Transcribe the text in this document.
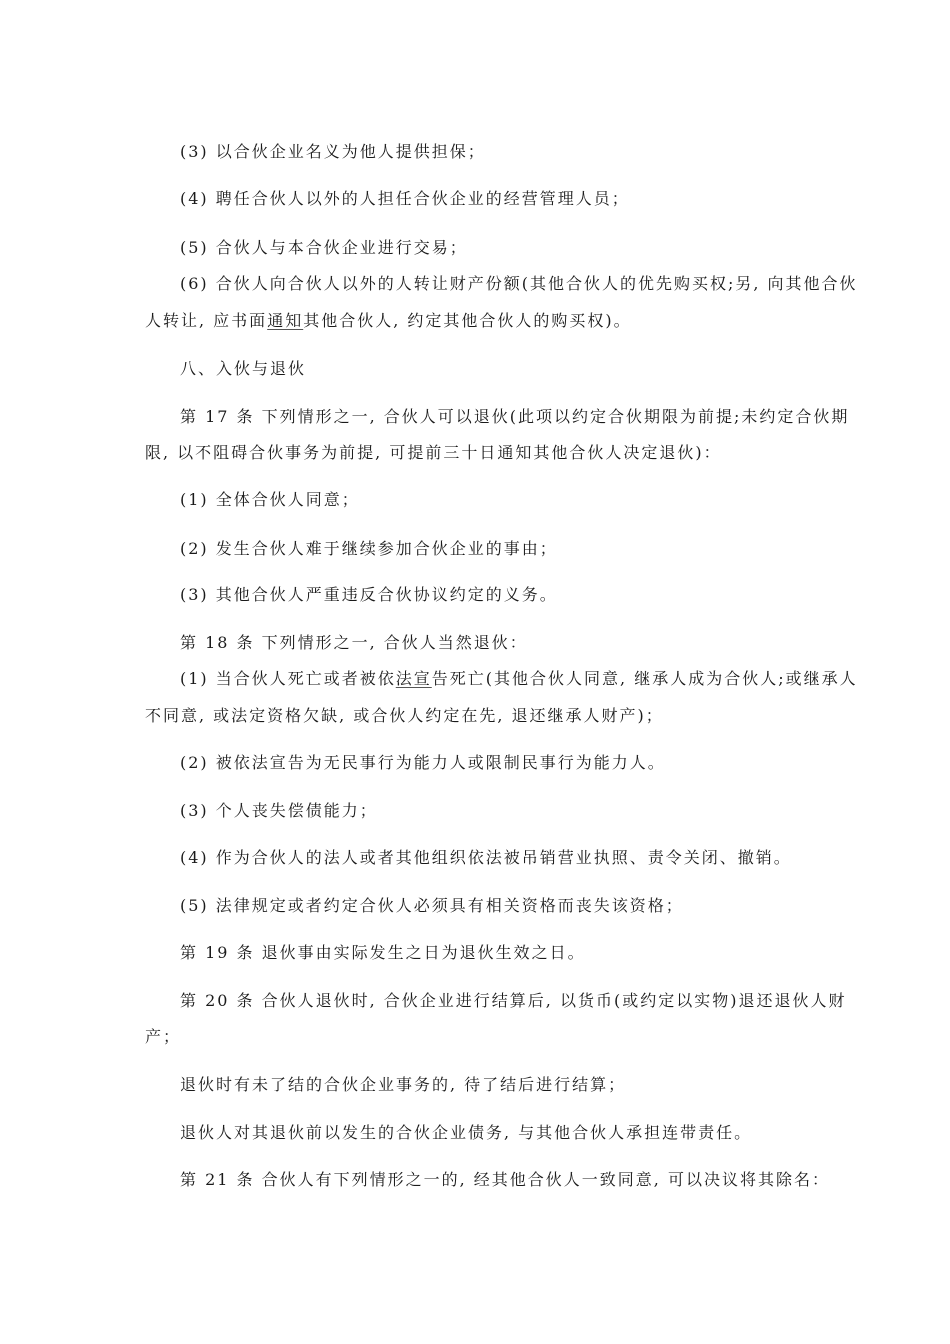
(3) 以合伙企业名义为他人提供担保；
(4) 聘任合伙人以外的人担任合伙企业的经营管理人员；
(5) 合伙人与本合伙企业进行交易；
(6) 合伙人向合伙人以外的人转让财产份额(其他合伙人的优先购买权;另, 向其他合伙
人转让, 应书面通知其他合伙人, 约定其他合伙人的购买权)。
八、入伙与退伙
第 17 条 下列情形之一, 合伙人可以退伙(此项以约定合伙期限为前提;未约定合伙期
限, 以不阻碍合伙事务为前提, 可提前三十日通知其他合伙人决定退伙)：
(1) 全体合伙人同意；
(2) 发生合伙人难于继续参加合伙企业的事由；
(3) 其他合伙人严重违反合伙协议约定的义务。
第 18 条 下列情形之一, 合伙人当然退伙：
(1) 当合伙人死亡或者被依法宣告死亡(其他合伙人同意, 继承人成为合伙人;或继承人
不同意, 或法定资格欠缺, 或合伙人约定在先, 退还继承人财产)；
(2) 被依法宣告为无民事行为能力人或限制民事行为能力人。
(3) 个人丧失偿债能力；
(4) 作为合伙人的法人或者其他组织依法被吊销营业执照、责令关闭、撤销。
(5) 法律规定或者约定合伙人必须具有相关资格而丧失该资格；
第 19 条 退伙事由实际发生之日为退伙生效之日。
第 20 条 合伙人退伙时, 合伙企业进行结算后, 以货币(或约定以实物)退还退伙人财
产；
退伙时有未了结的合伙企业事务的, 待了结后进行结算；
退伙人对其退伙前以发生的合伙企业债务, 与其他合伙人承担连带责任。
第 21 条 合伙人有下列情形之一的, 经其他合伙人一致同意, 可以决议将其除名：
